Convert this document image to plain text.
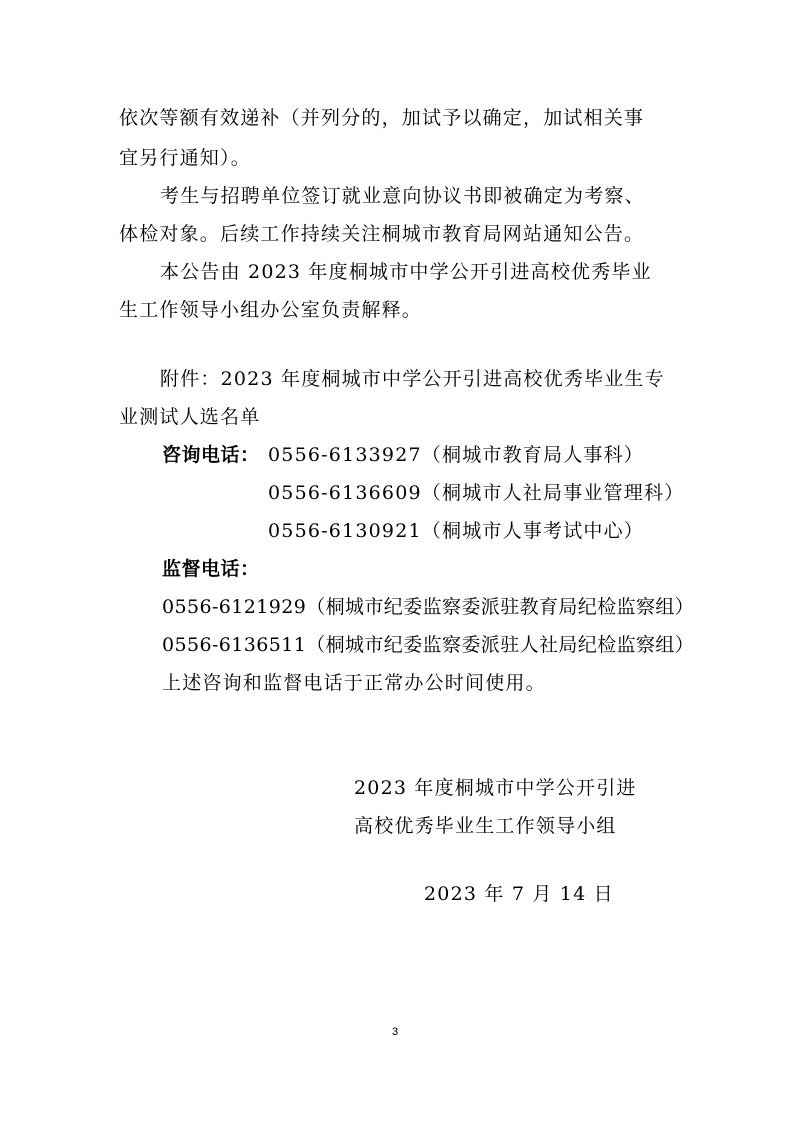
依次等额有效递补（并列分的，加试予以确定，加试相关事
宜另行通知）。
考生与招聘单位签订就业意向协议书即被确定为考察、
体检对象。后续工作持续关注桐城市教育局网站通知公告。
本公告由 2023 年度桐城市中学公开引进高校优秀毕业
生工作领导小组办公室负责解释。
附件：2023 年度桐城市中学公开引进高校优秀毕业生专
业测试人选名单
咨询电话： 0556-6133927（桐城市教育局人事科）
0556-6136609（桐城市人社局事业管理科）
0556-6130921（桐城市人事考试中心）
监督电话：
0556-6121929（桐城市纪委监察委派驻教育局纪检监察组）
0556-6136511（桐城市纪委监察委派驻人社局纪检监察组）
上述咨询和监督电话于正常办公时间使用。
2023 年度桐城市中学公开引进
高校优秀毕业生工作领导小组
2023 年 7 月 14 日
3
